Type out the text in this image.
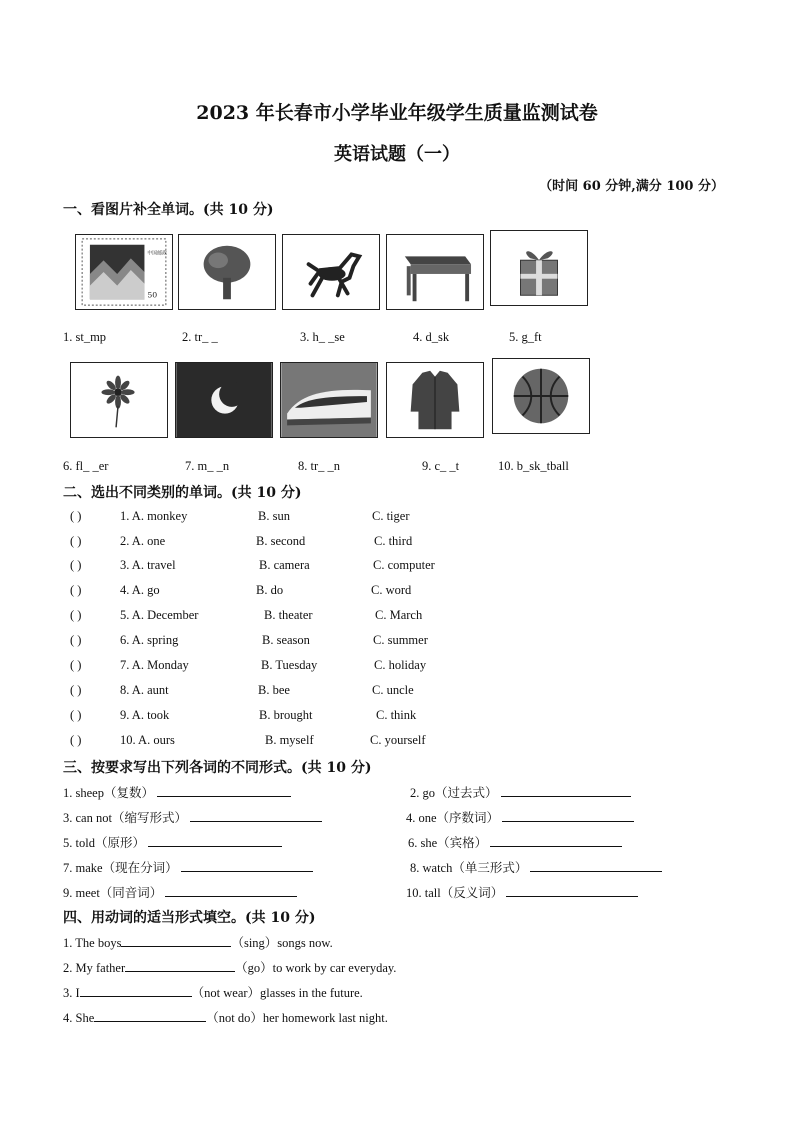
2023 年长春市小学毕业年级学生质量监测试卷
英语试题（一）
（时间 60 分钟,满分 100 分）
一、看图片补全单词。(共 10 分)
中国邮政
50
1. st_mp	2. tr_ _	3. h_ _se	4. d_sk	5. g_ft
6. fl_ _er	7. m_ _n	8. tr_ _n	9. c_ _t	10. b_sk_tball
二、选出不同类别的单词。(共 10 分)
( )	1. A. monkey	B. sun	C. tiger
( )	2. A. one	B. second	C. third
( )	3. A. travel	B. camera	C. computer
( )	4. A. go	B. do	C. word
( )	5. A. December	B. theater	C. March
( )	6. A. spring	B. season	C. summer
( )	7. A. Monday	B. Tuesday	C. holiday
( )	8. A. aunt	B. bee	C. uncle
( )	9. A. took	B. brought	C. think
( )	10. A. ours	B. myself	C. yourself
三、按要求写出下列各词的不同形式。(共 10 分)
1. sheep（复数）	2. go（过去式）
3. can not（缩写形式）	4. one（序数词）
5. told（原形）	6. she（宾格）
7. make（现在分词）	8. watch（单三形式）
9. meet（同音词）	10. tall（反义词）
四、用动词的适当形式填空。(共 10 分)
1. The boys	（sing）songs now.
2. My father	（go）to work by car everyday.
3. I	（not wear）glasses in the future.
4. She	（not do）her homework last night.
